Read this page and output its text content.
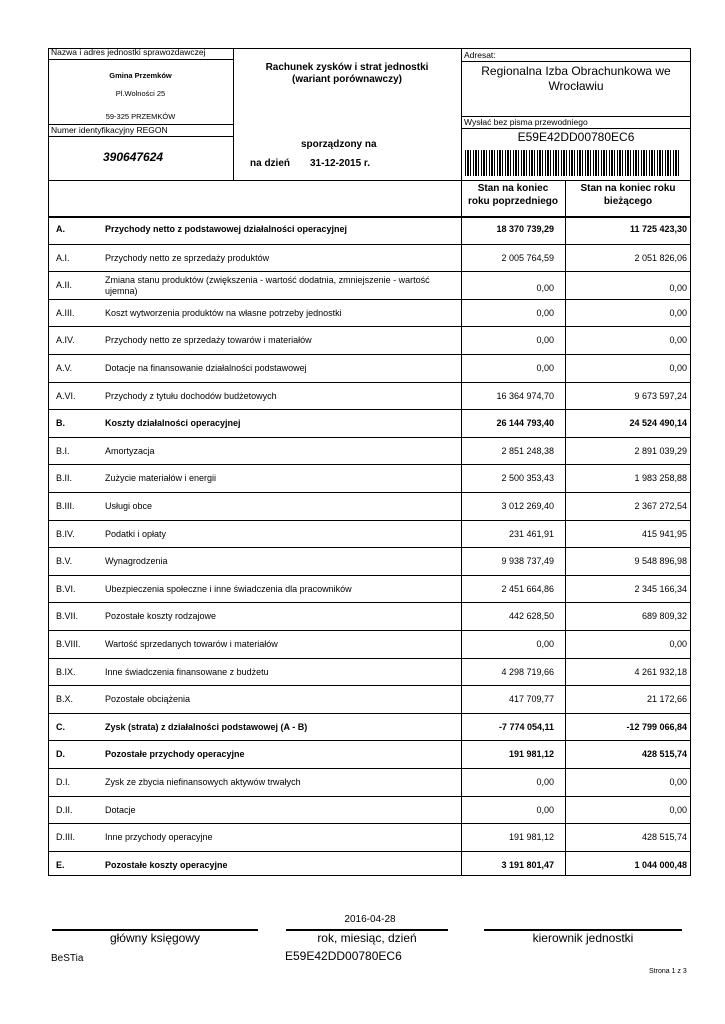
Nazwa i adres jednostki sprawozdawczej
Gmina Przemków
Pl.Wolności 25
59-325 PRZEMKÓW
Numer identyfikacyjny REGON
390647624
Rachunek zysków i strat jednostki
(wariant porównawczy)
sporządzony na
na dzień 31-12-2015 r.
Adresat:
Regionalna Izba Obrachunkowa we
Wrocławiu
Wysłać bez pisma przewodniego
E59E42DD00780EC6
Stan na koniec
roku poprzedniego
Stan na koniec roku
bieżącego
A.	Przychody netto z podstawowej działalności operacyjnej	18 370 739,29	11 725 423,30
A.I.	Przychody netto ze sprzedaży produktów	2 005 764,59	2 051 826,06
A.II.	Zmiana stanu produktów (zwiększenia - wartość dodatnia, zmniejszenie - wartość ujemna)	0,00	0,00
A.III.	Koszt wytworzenia produktów na własne potrzeby jednostki	0,00	0,00
A.IV.	Przychody netto ze sprzedaży towarów i materiałów	0,00	0,00
A.V.	Dotacje na finansowanie działalności podstawowej	0,00	0,00
A.VI.	Przychody z tytułu dochodów budżetowych	16 364 974,70	9 673 597,24
B.	Koszty działalności operacyjnej	26 144 793,40	24 524 490,14
B.I.	Amortyzacja	2 851 248,38	2 891 039,29
B.II.	Zużycie materiałów i energii	2 500 353,43	1 983 258,88
B.III.	Usługi obce	3 012 269,40	2 367 272,54
B.IV.	Podatki i opłaty	231 461,91	415 941,95
B.V.	Wynagrodzenia	9 938 737,49	9 548 896,98
B.VI.	Ubezpieczenia społeczne i inne świadczenia dla pracowników	2 451 664,86	2 345 166,34
B.VII.	Pozostałe koszty rodzajowe	442 628,50	689 809,32
B.VIII.	Wartość sprzedanych towarów i materiałów	0,00	0,00
B.IX.	Inne świadczenia finansowane z budżetu	4 298 719,66	4 261 932,18
B.X.	Pozostałe obciążenia	417 709,77	21 172,66
C.	Zysk (strata) z działalności podstawowej (A - B)	-7 774 054,11	-12 799 066,84
D.	Pozostałe przychody operacyjne	191 981,12	428 515,74
D.I.	Zysk ze zbycia niefinansowych aktywów trwałych	0,00	0,00
D.II.	Dotacje	0,00	0,00
D.III.	Inne przychody operacyjne	191 981,12	428 515,74
E.	Pozostałe koszty operacyjne	3 191 801,47	1 044 000,48
2016-04-28
główny księgowy	rok, miesiąc, dzień	kierownik jednostki
BeSTia	E59E42DD00780EC6
Strona 1 z 3
